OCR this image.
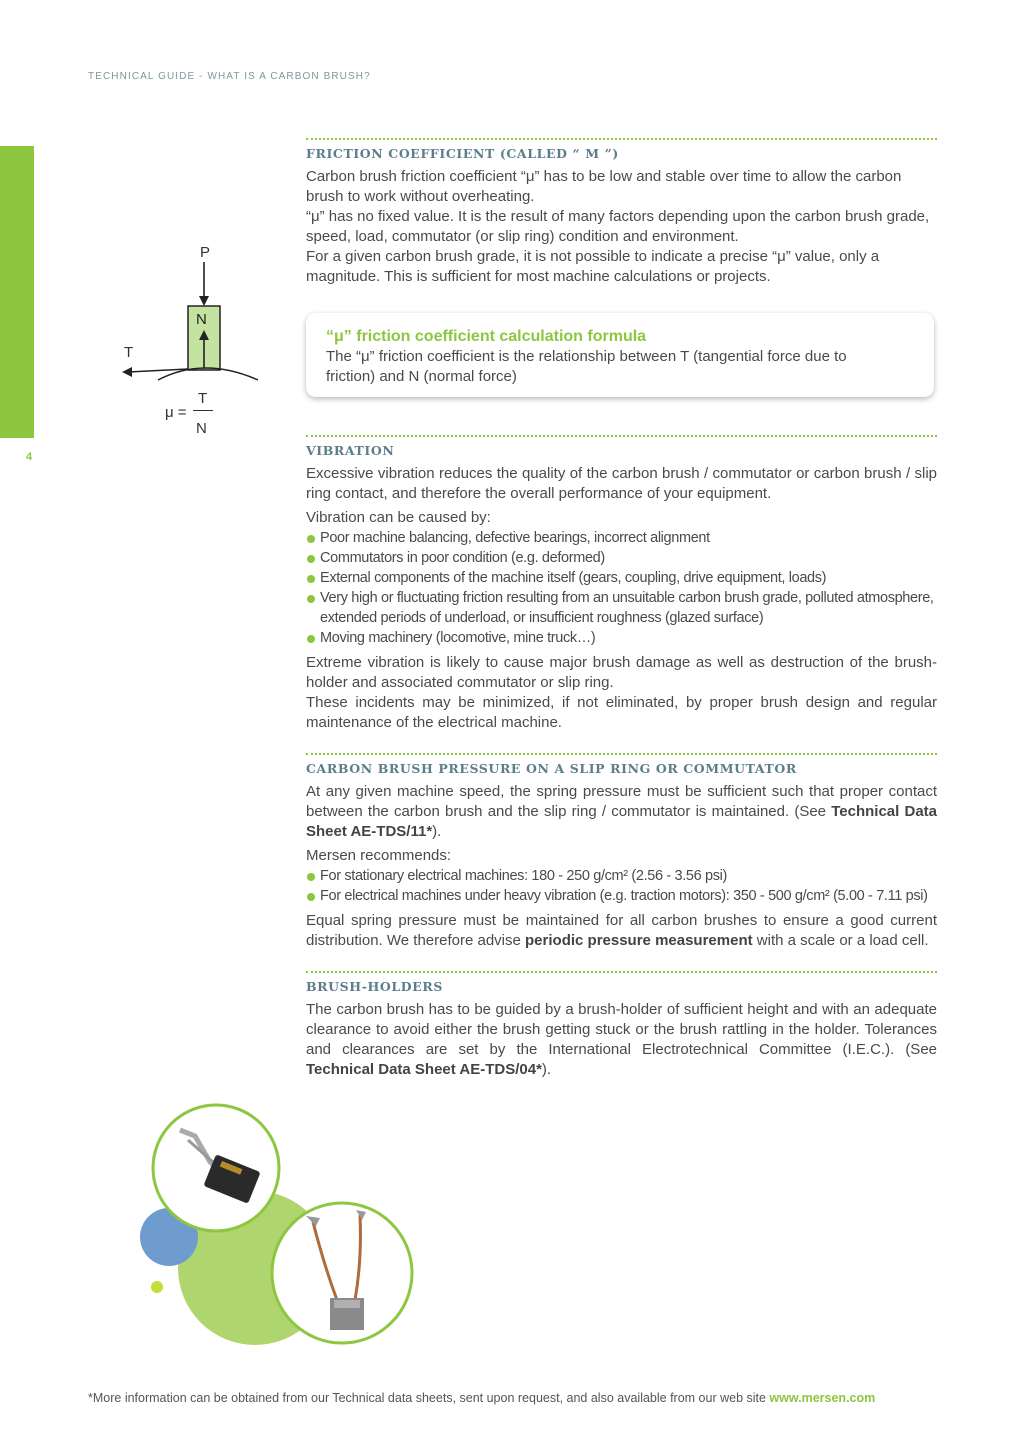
TECHNICAL GUIDE - WHAT IS A CARBON BRUSH?
4
P
N
T
μ =
T
N
FRICTION COEFFICIENT (CALLED “ Μ ”)

Carbon brush friction coefficient “μ” has to be low and stable over time to allow the carbon brush to work without overheating.
“μ” has no fixed value. It is the result of many factors depending upon the carbon brush grade, speed, load, commutator (or slip ring) condition and environment.
For a given carbon brush grade, it is not possible to indicate a precise “μ” value, only a magnitude. This is sufficient for most machine calculations or projects.

“μ” friction coefficient calculation formula

The “μ” friction coefficient is the relationship between T (tangential force due to friction) and N (normal force)

VIBRATION

Excessive vibration reduces the quality of the carbon brush / commutator or carbon brush / slip ring contact, and therefore the overall performance of your equipment.

Vibration can be caused by:

Poor machine balancing, defective bearings, incorrect alignment
Commutators in poor condition (e.g. deformed)
External components of the machine itself (gears, coupling, drive equipment, loads)
Very high or fluctuating friction resulting from an unsuitable carbon brush grade, polluted atmosphere, extended periods of underload, or insufficient roughness (glazed surface)
Moving machinery (locomotive, mine truck…)

Extreme vibration is likely to cause major brush damage as well as destruction of the brush-holder and associated commutator or slip ring.

These incidents may be minimized, if not eliminated, by proper brush design and regular maintenance of the electrical machine.

CARBON BRUSH PRESSURE ON A SLIP RING OR COMMUTATOR

At any given machine speed, the spring pressure must be sufficient such that proper contact between the carbon brush and the slip ring / commutator is maintained. (See Technical Data Sheet AE-TDS/11*).

Mersen recommends:

For stationary electrical machines: 180 - 250 g/cm² (2.56 - 3.56 psi)
For electrical machines under heavy vibration (e.g. traction motors): 350 - 500 g/cm² (5.00 - 7.11 psi)

Equal spring pressure must be maintained for all carbon brushes to ensure a good current distribution. We therefore advise periodic pressure measurement with a scale or a load cell.

BRUSH-HOLDERS

The carbon brush has to be guided by a brush-holder of sufficient height and with an adequate clearance to avoid either the brush getting stuck or the brush rattling in the holder. Tolerances and clearances are set by the International Electrotechnical Committee (I.E.C.). (See Technical Data Sheet AE-TDS/04*).

*More information can be obtained from our Technical data sheets, sent upon request, and also available from our web site www.mersen.com
